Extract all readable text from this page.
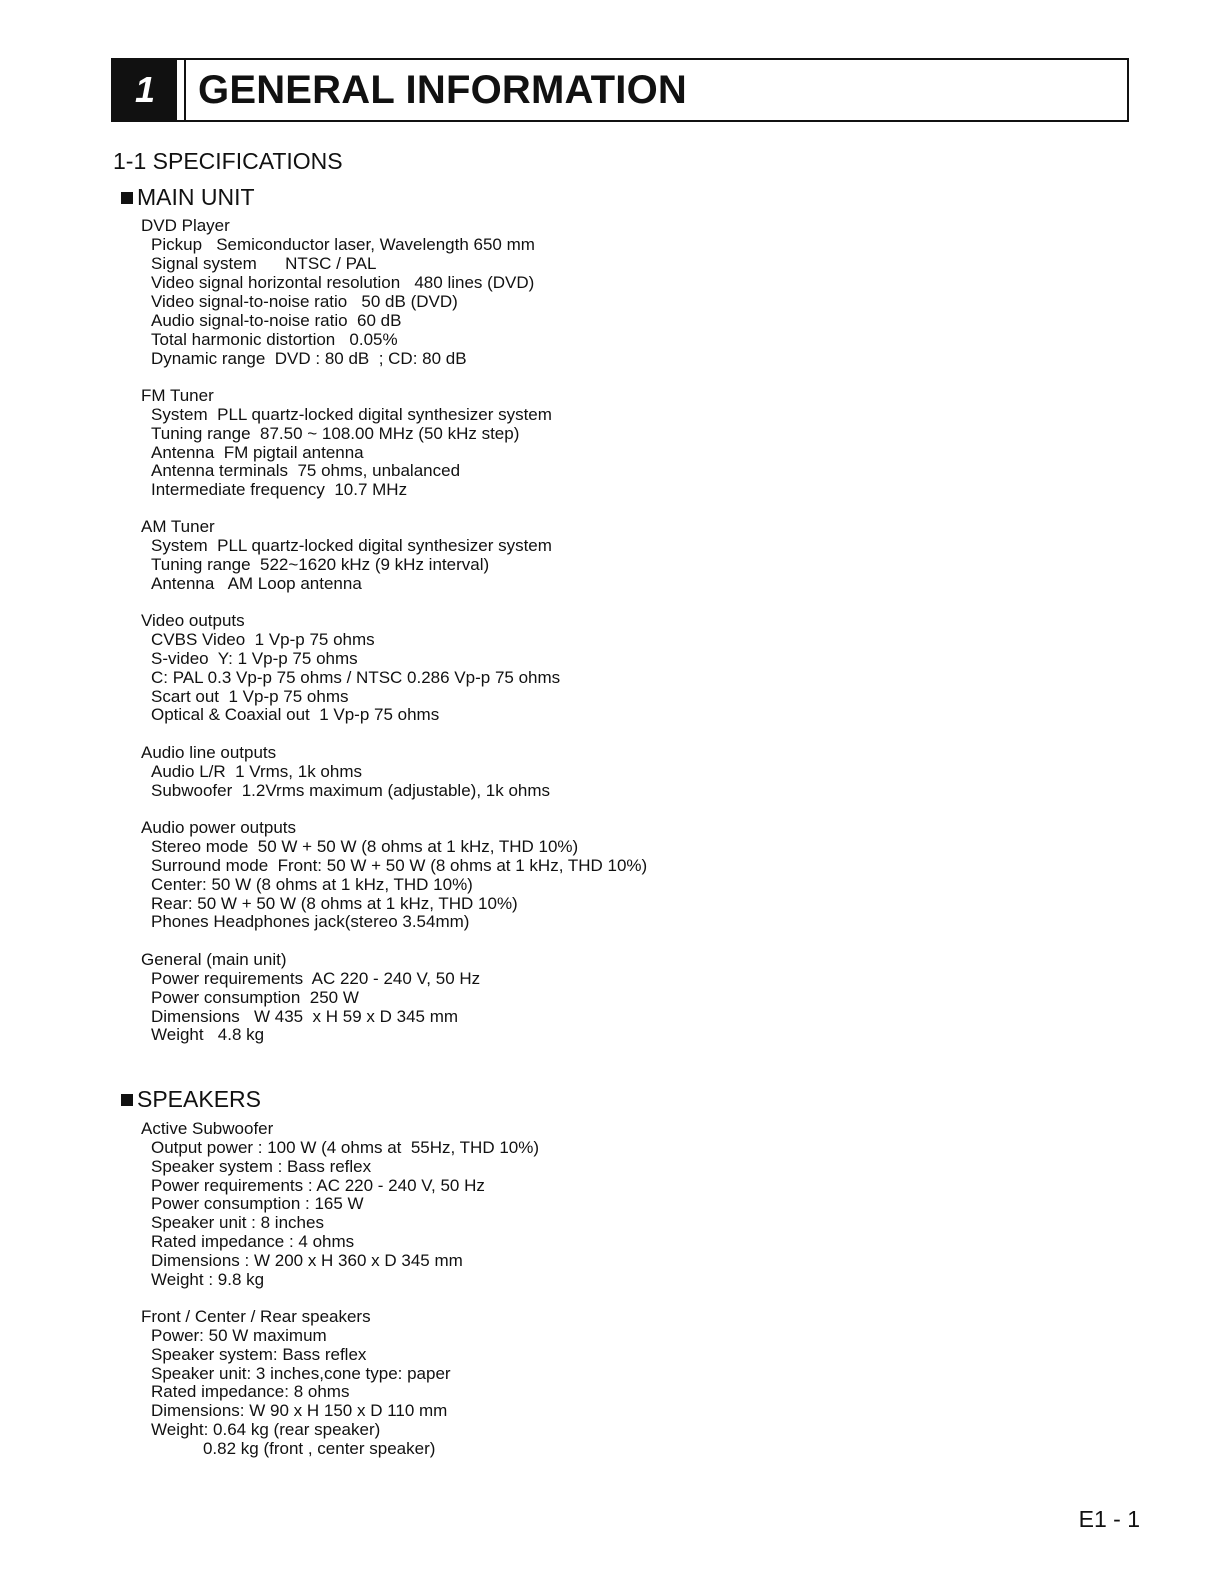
1	GENERAL INFORMATION
1-1 SPECIFICATIONS
MAIN UNIT
DVD Player
Pickup   Semiconductor laser, Wavelength 650 mm
Signal system      NTSC / PAL
Video signal horizontal resolution   480 lines (DVD)
Video signal-to-noise ratio   50 dB (DVD)
Audio signal-to-noise ratio  60 dB
Total harmonic distortion   0.05%
Dynamic range  DVD : 80 dB  ; CD: 80 dB
FM Tuner
System  PLL quartz-locked digital synthesizer system
Tuning range  87.50 ~ 108.00 MHz (50 kHz step)
Antenna  FM pigtail antenna
Antenna terminals  75 ohms, unbalanced
Intermediate frequency  10.7 MHz
AM Tuner
System  PLL quartz-locked digital synthesizer system
Tuning range  522~1620 kHz (9 kHz interval)
Antenna   AM Loop antenna
Video outputs
CVBS Video  1 Vp-p 75 ohms
S-video  Y: 1 Vp-p 75 ohms
C: PAL 0.3 Vp-p 75 ohms / NTSC 0.286 Vp-p 75 ohms
Scart out  1 Vp-p 75 ohms
Optical & Coaxial out  1 Vp-p 75 ohms
Audio line outputs
Audio L/R  1 Vrms, 1k ohms
Subwoofer  1.2Vrms maximum (adjustable), 1k ohms
Audio power outputs
Stereo mode  50 W + 50 W (8 ohms at 1 kHz, THD 10%)
Surround mode  Front: 50 W + 50 W (8 ohms at 1 kHz, THD 10%)
Center: 50 W (8 ohms at 1 kHz, THD 10%)
Rear: 50 W + 50 W (8 ohms at 1 kHz, THD 10%)
Phones Headphones jack(stereo 3.54mm)
General (main unit)
Power requirements  AC 220 - 240 V, 50 Hz
Power consumption  250 W
Dimensions   W 435  x H 59 x D 345 mm
Weight   4.8 kg
SPEAKERS
Active Subwoofer
Output power : 100 W (4 ohms at  55Hz, THD 10%)
Speaker system : Bass reflex
Power requirements : AC 220 - 240 V, 50 Hz
Power consumption : 165 W
Speaker unit : 8 inches
Rated impedance : 4 ohms
Dimensions : W 200 x H 360 x D 345 mm
Weight : 9.8 kg
Front / Center / Rear speakers
Power: 50 W maximum
Speaker system: Bass reflex
Speaker unit: 3 inches,cone type: paper
Rated impedance: 8 ohms
Dimensions: W 90 x H 150 x D 110 mm
Weight: 0.64 kg (rear speaker)
0.82 kg (front , center speaker)
E1 - 1
